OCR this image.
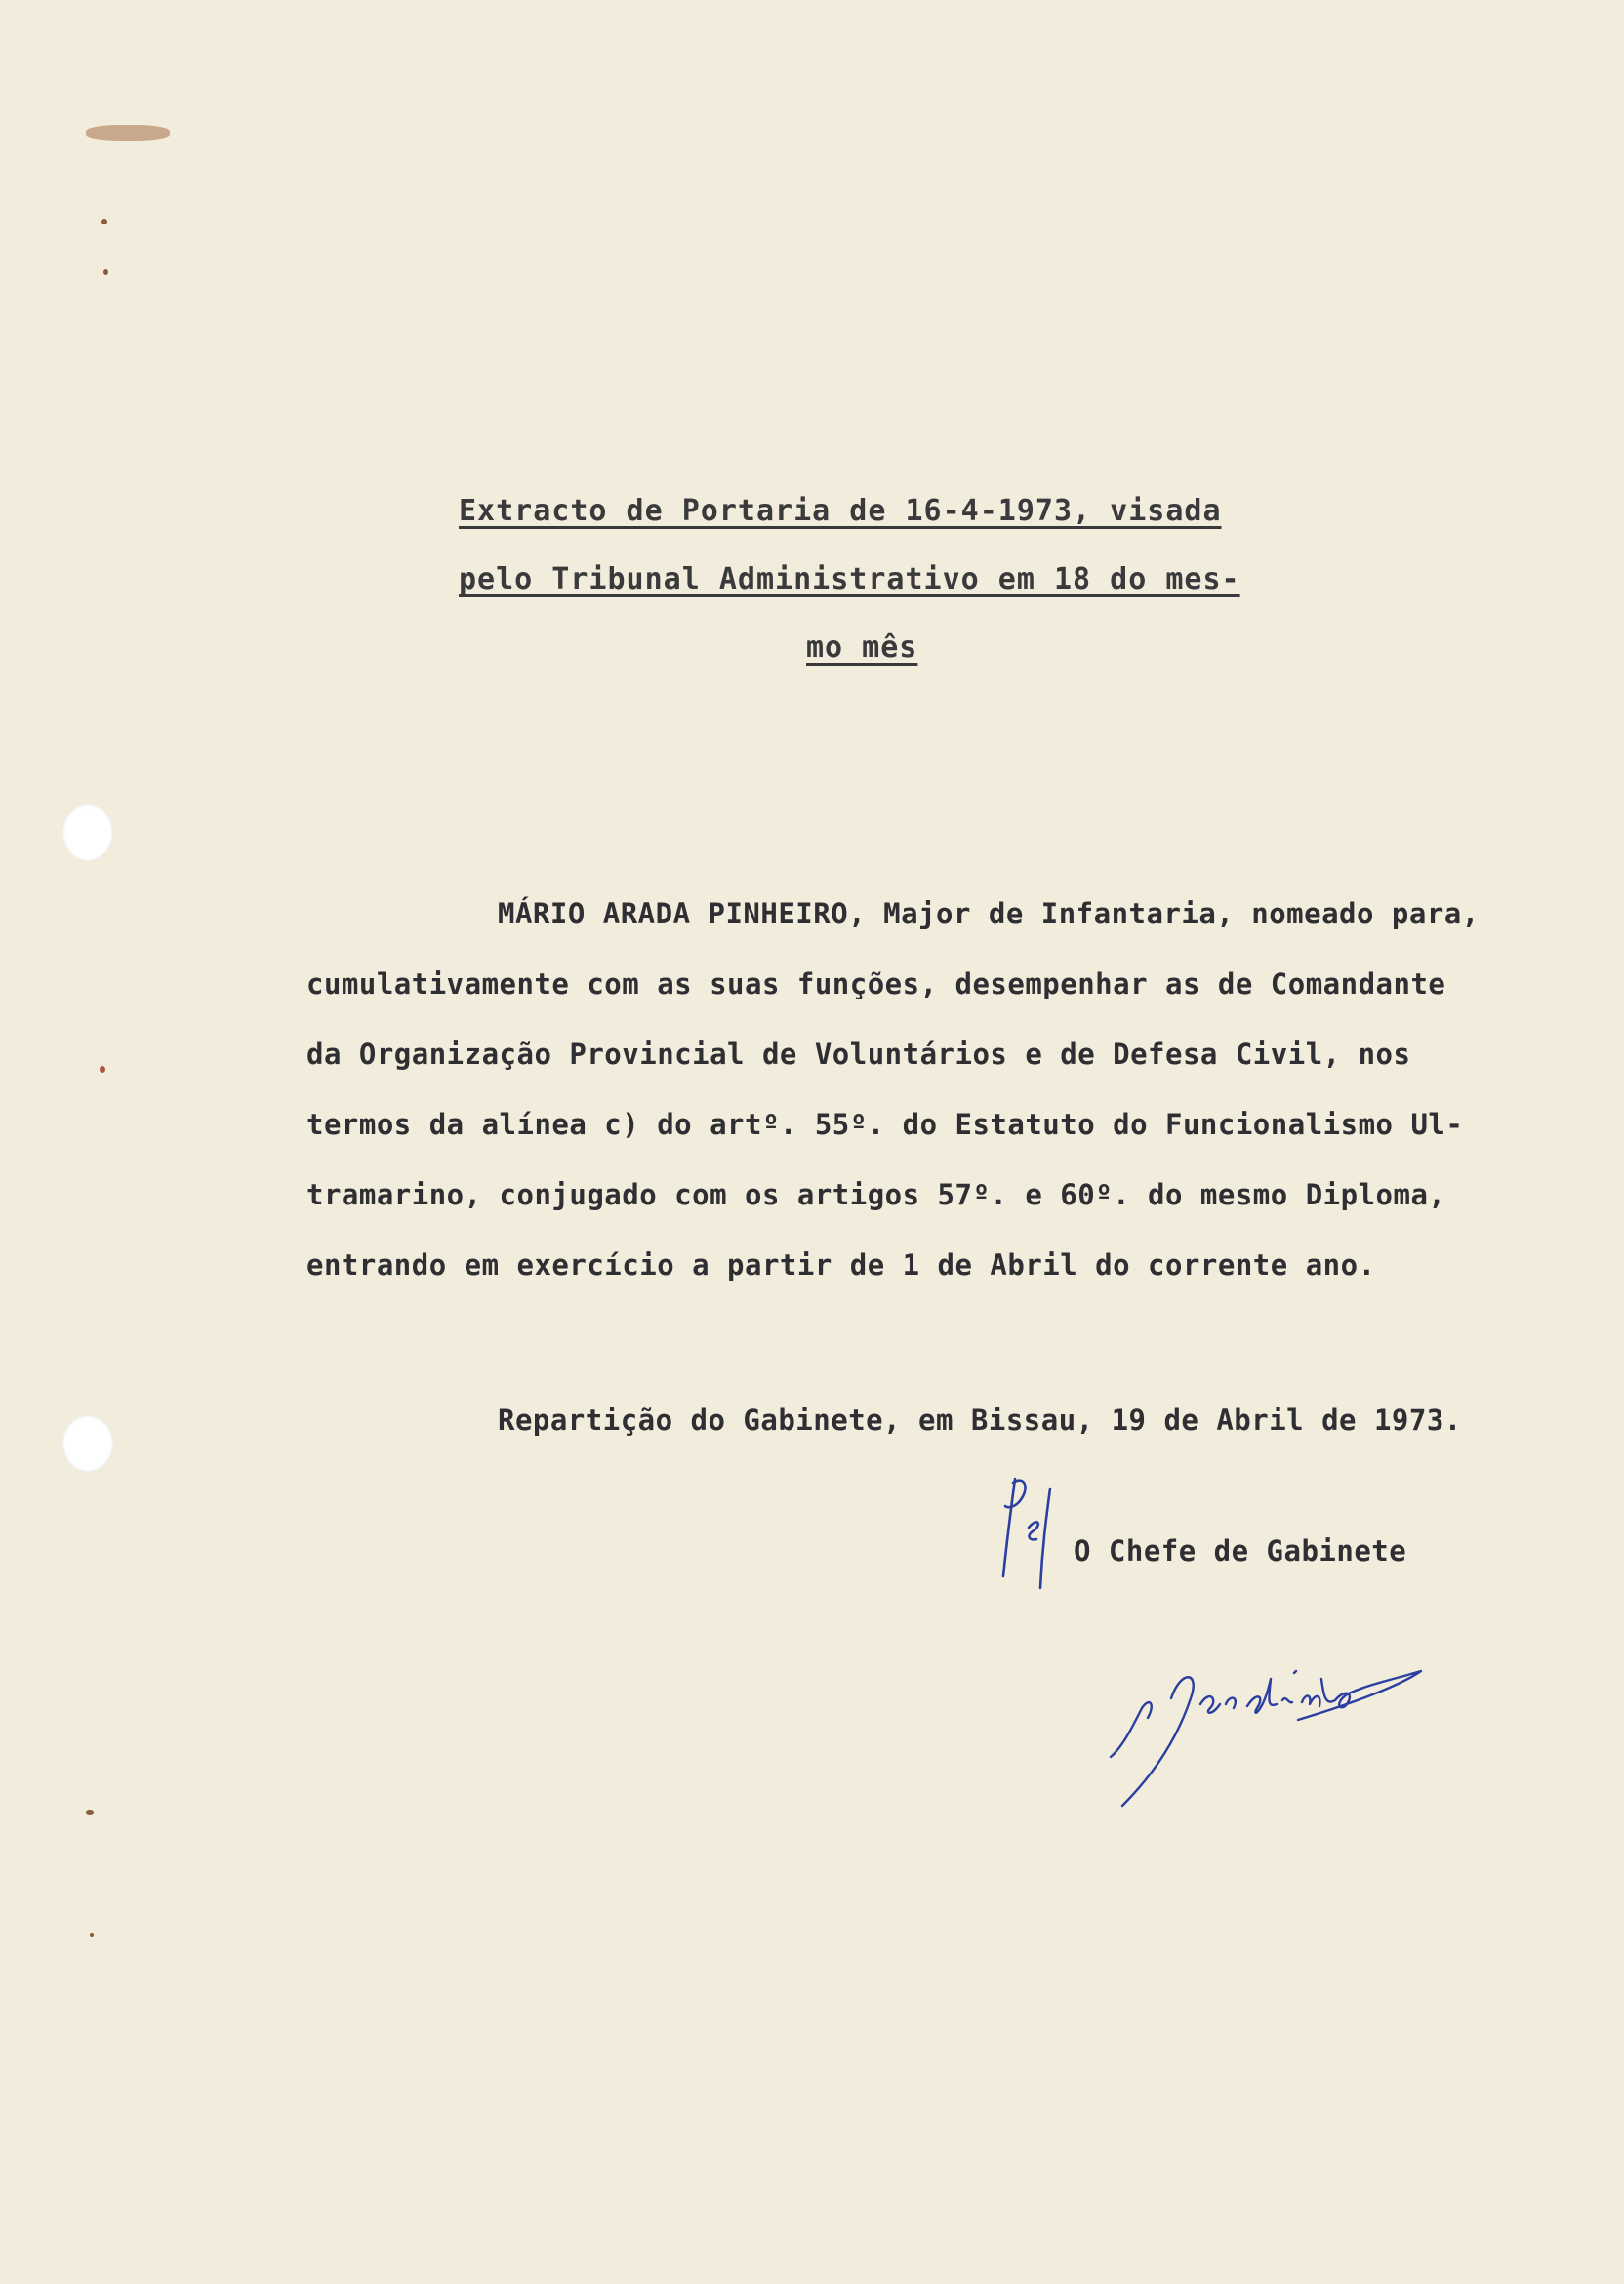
Extracto de Portaria de 16-4-1973, visada
pelo Tribunal Administrativo em 18 do mes-
mo mês
MÁRIO ARADA PINHEIRO, Major de Infantaria, nomeado para,
cumulativamente com as suas funções, desempenhar as de Comandante
da Organização Provincial de Voluntários e de Defesa Civil, nos
termos da alínea c) do artº. 55º. do Estatuto do Funcionalismo Ul-
tramarino, conjugado com os artigos 57º. e 60º. do mesmo Diploma,
entrando em exercício a partir de 1 de Abril do corrente ano.
Repartição do Gabinete, em Bissau, 19 de Abril de 1973.
O Chefe de Gabinete
